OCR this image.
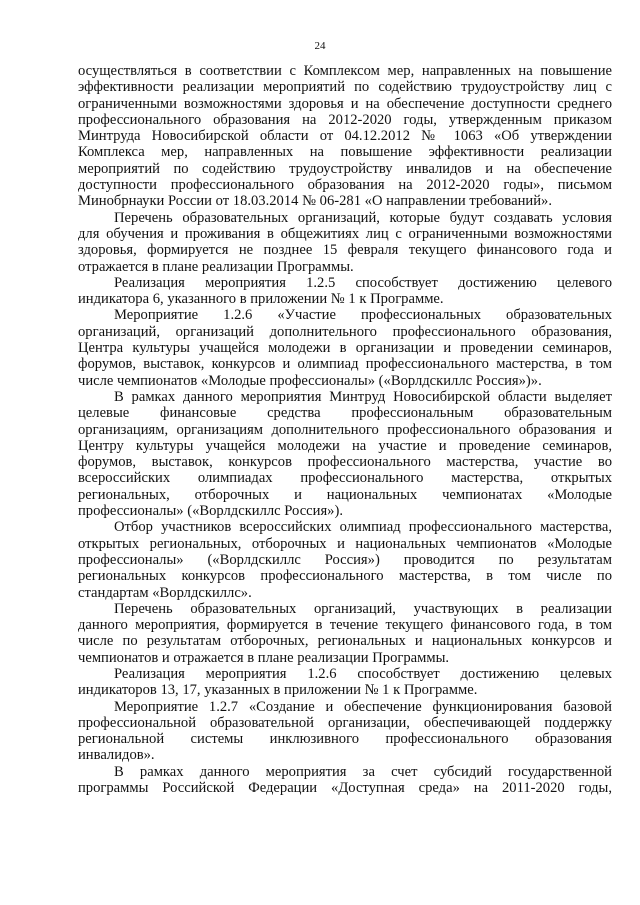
24
осуществляться в соответствии с Комплексом мер, направленных на повышение
эффективности реализации мероприятий по содействию трудоустройству лиц с
ограниченными возможностями здоровья и на обеспечение доступности среднего
профессионального образования на 2012-2020 годы, утвержденным приказом
Минтруда Новосибирской области от 04.12.2012 № 1063 «Об утверждении
Комплекса мер, направленных на повышение эффективности реализации
мероприятий по содействию трудоустройству инвалидов и на обеспечение
доступности профессионального образования на 2012-2020 годы», письмом
Минобрнауки России от 18.03.2014 № 06-281 «О направлении требований».
Перечень образовательных организаций, которые будут создавать условия
для обучения и проживания в общежитиях лиц с ограниченными возможностями
здоровья, формируется не позднее 15 февраля текущего финансового года и
отражается в плане реализации Программы.
Реализация мероприятия 1.2.5 способствует достижению целевого
индикатора 6, указанного в приложении № 1 к Программе.
Мероприятие 1.2.6 «Участие профессиональных образовательных
организаций, организаций дополнительного профессионального образования,
Центра культуры учащейся молодежи в организации и проведении семинаров,
форумов, выставок, конкурсов и олимпиад профессионального мастерства, в том
числе чемпионатов «Молодые профессионалы» («Ворлдскиллс Россия»)».
В рамках данного мероприятия Минтруд Новосибирской области выделяет
целевые финансовые средства профессиональным образовательным
организациям, организациям дополнительного профессионального образования и
Центру культуры учащейся молодежи на участие и проведение семинаров,
форумов, выставок, конкурсов профессионального мастерства, участие во
всероссийских олимпиадах профессионального мастерства, открытых
региональных, отборочных и национальных чемпионатах «Молодые
профессионалы» («Ворлдскиллс Россия»).
Отбор участников всероссийских олимпиад профессионального мастерства,
открытых региональных, отборочных и национальных чемпионатов «Молодые
профессионалы» («Ворлдскиллс Россия») проводится по результатам
региональных конкурсов профессионального мастерства, в том числе по
стандартам «Ворлдскиллс».
Перечень образовательных организаций, участвующих в реализации
данного мероприятия, формируется в течение текущего финансового года, в том
числе по результатам отборочных, региональных и национальных конкурсов и
чемпионатов и отражается в плане реализации Программы.
Реализация мероприятия 1.2.6 способствует достижению целевых
индикаторов 13, 17, указанных в приложении № 1 к Программе.
Мероприятие 1.2.7 «Создание и обеспечение функционирования базовой
профессиональной образовательной организации, обеспечивающей поддержку
региональной системы инклюзивного профессионального образования
инвалидов».
В рамках данного мероприятия за счет субсидий государственной
программы Российской Федерации «Доступная среда» на 2011-2020 годы,
